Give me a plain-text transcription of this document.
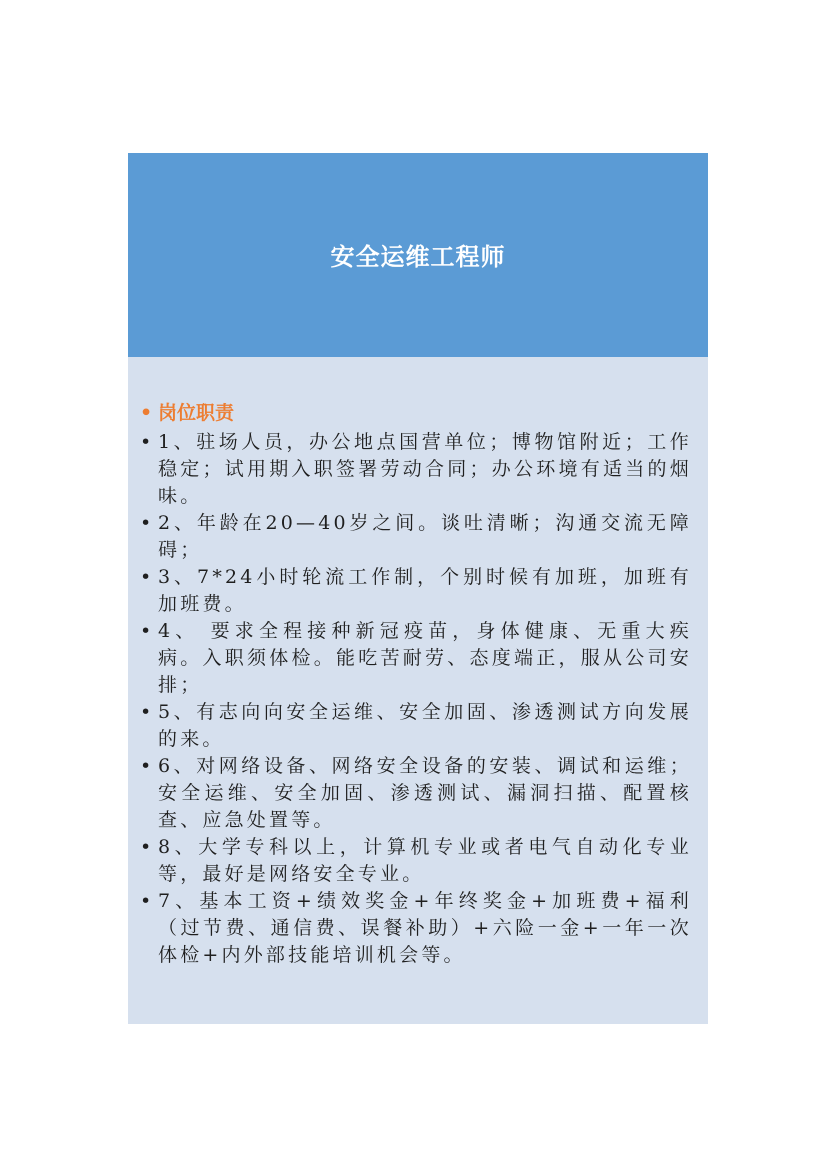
安全运维工程师
• 岗位职责
• 1、驻场人员，办公地点国营单位；博物馆附近；工作稳定；试用期入职签署劳动合同；办公环境有适当的烟味。
• 2、年龄在20—40岁之间。谈吐清晰；沟通交流无障碍；
• 3、7*24小时轮流工作制，个别时候有加班，加班有加班费。
• 4、 要求全程接种新冠疫苗，身体健康、无重大疾病。入职须体检。能吃苦耐劳、态度端正，服从公司安排；
• 5、有志向向安全运维、安全加固、渗透测试方向发展的来。
• 6、对网络设备、网络安全设备的安装、调试和运维；安全运维、安全加固、渗透测试、漏洞扫描、配置核查、应急处置等。
• 8、大学专科以上，计算机专业或者电气自动化专业等，最好是网络安全专业。
• 7、基本工资+绩效奖金+年终奖金+加班费+福利（过节费、通信费、误餐补助）+六险一金+一年一次体检+内外部技能培训机会等。
